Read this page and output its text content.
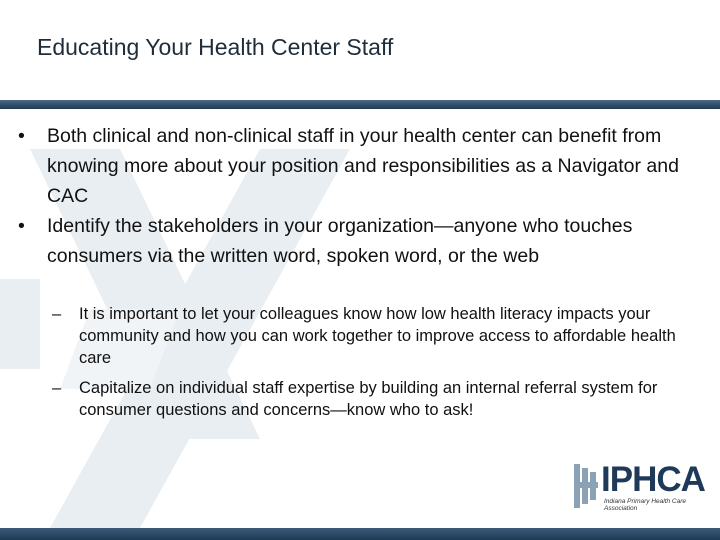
Educating Your Health Center Staff
• Both clinical and non-clinical staff in your health center can benefit from knowing more about your position and responsibilities as a Navigator and CAC
• Identify the stakeholders in your organization—anyone who touches consumers via the written word, spoken word, or the web
– It is important to let your colleagues know how low health literacy impacts your community and how you can work together to improve access to affordable health care
– Capitalize on individual staff expertise by building an internal referral system for consumer questions and concerns—know who to ask!
IPHCA
Indiana Primary Health Care Association
